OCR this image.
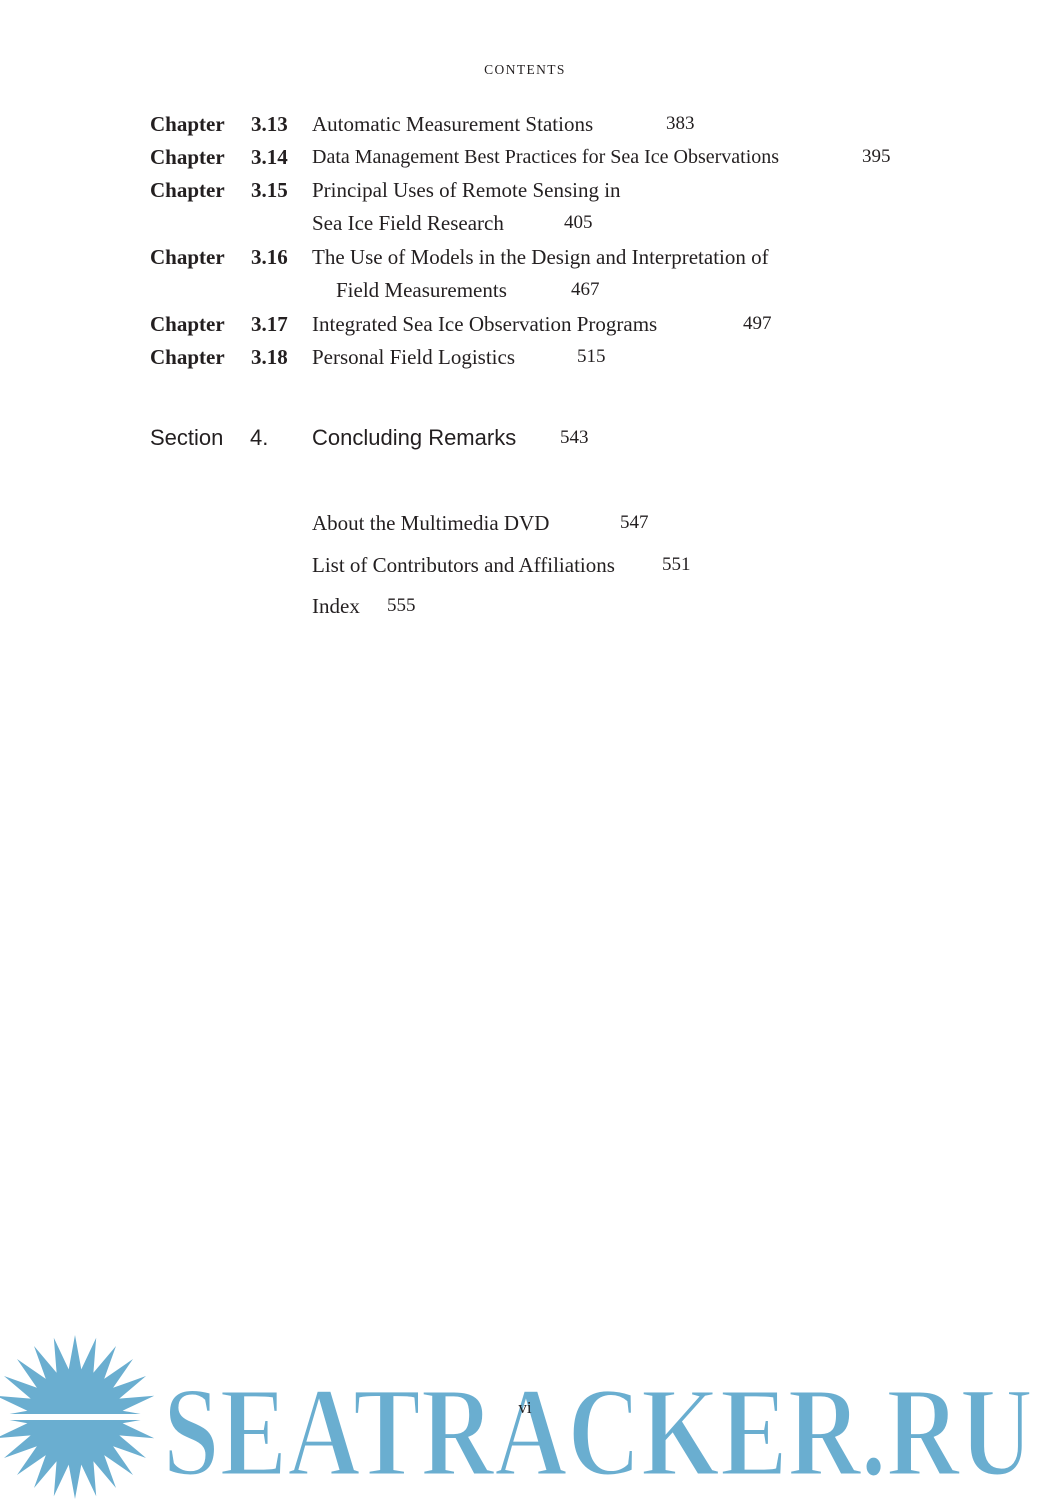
CONTENTS
Chapter 3.13 Automatic Measurement Stations	383
Chapter 3.14 Data Management Best Practices for Sea Ice Observations	395
Chapter 3.15 Principal Uses of Remote Sensing in
Sea Ice Field Research	405
Chapter 3.16 The Use of Models in the Design and Interpretation of
Field Measurements	467
Chapter 3.17 Integrated Sea Ice Observation Programs	497
Chapter 3.18 Personal Field Logistics	515
Section 4. Concluding Remarks 543
About the Multimedia DVD	547
List of Contributors and Affiliations 551
Index 555
SEATRACKER.RU
vi
